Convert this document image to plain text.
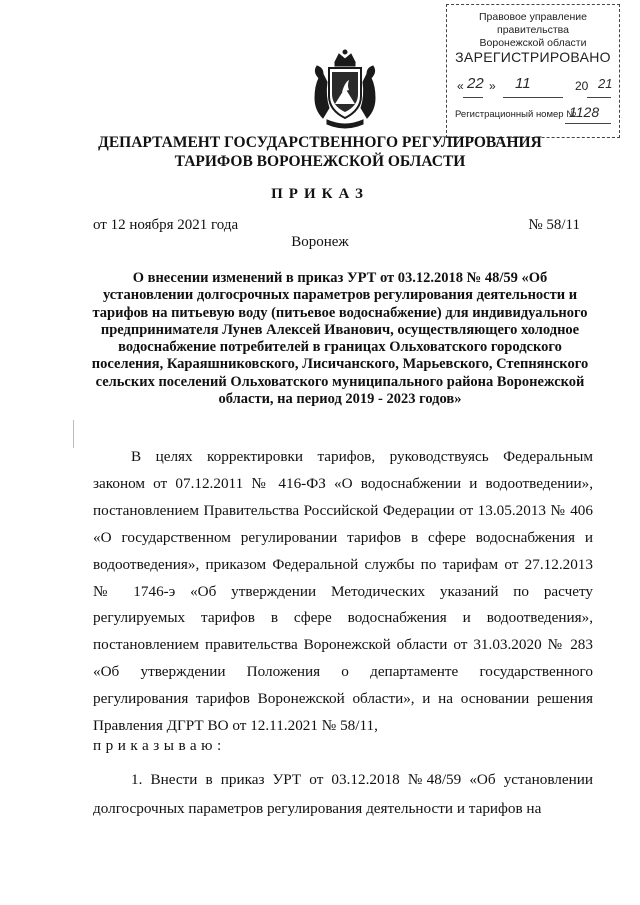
Правовое управление правительства
Воронежской области
ЗАРЕГИСТРИРОВАНО
« 22 » 11	20 21
Регистрационный номер №
1128
ДЕПАРТАМЕНТ ГОСУДАРСТВЕННОГО РЕГУЛИРОВАНИЯ
ТАРИФОВ ВОРОНЕЖСКОЙ ОБЛАСТИ
ПРИКАЗ
от 12 ноября 2021 года	№ 58/11
Воронеж
О внесении изменений в приказ УРТ от 03.12.2018 № 48/59 «Об установлении долгосрочных параметров регулирования деятельности и тарифов на питьевую воду (питьевое водоснабжение) для индивидуального предпринимателя Лунев Алексей Иванович, осуществляющего холодное водоснабжение потребителей в границах Ольховатского городского поселения, Караяшниковского, Лисичанского, Марьевского, Степнянского сельских поселений Ольховатского муниципального района Воронежской области, на период 2019 - 2023 годов»
В целях корректировки тарифов, руководствуясь Федеральным законом от 07.12.2011 № 416-ФЗ «О водоснабжении и водоотведении», постановлением Правительства Российской Федерации от 13.05.2013 № 406 «О государственном регулировании тарифов в сфере водоснабжения и водоотведения», приказом Федеральной службы по тарифам от 27.12.2013 № 1746-э «Об утверждении Методических указаний по расчету регулируемых тарифов в сфере водоснабжения и водоотведения», постановлением правительства Воронежской области от 31.03.2020 № 283 «Об утверждении Положения о департаменте государственного регулирования тарифов Воронежской области», и на основании решения Правления ДГРТ ВО от 12.11.2021 № 58/11,
приказываю:
1. Внести в приказ УРТ от 03.12.2018 №48/59 «Об установлении долгосрочных параметров регулирования деятельности и тарифов на
